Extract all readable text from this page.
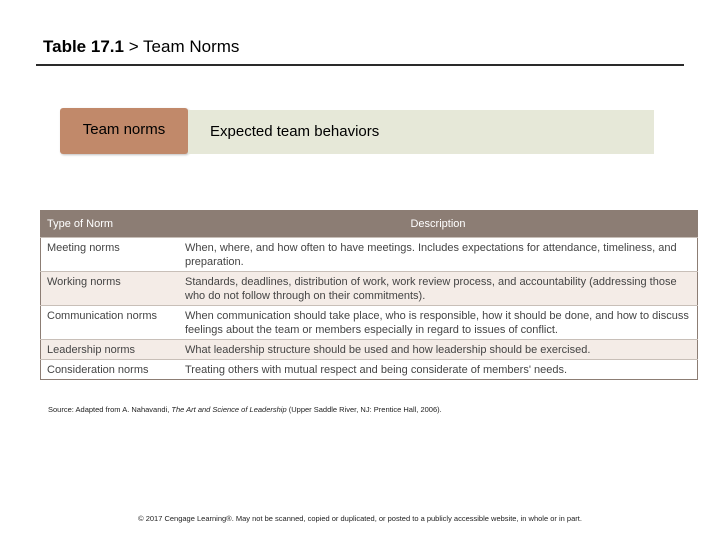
Table 17.1 > Team Norms
Team norms	Expected team behaviors
Type of Norm	Description
Meeting norms	When, where, and how often to have meetings. Includes expectations for attendance, timeliness, and preparation.
Working norms	Standards, deadlines, distribution of work, work review process, and accountability (addressing those who do not follow through on their commitments).
Communication norms	When communication should take place, who is responsible, how it should be done, and how to discuss feelings about the team or members especially in regard to issues of conflict.
Leadership norms	What leadership structure should be used and how leadership should be exercised.
Consideration norms	Treating others with mutual respect and being considerate of members' needs.
Source: Adapted from A. Nahavandi, The Art and Science of Leadership (Upper Saddle River, NJ: Prentice Hall, 2006).
© 2017 Cengage Learning®. May not be scanned, copied or duplicated, or posted to a publicly accessible website, in whole or in part.
